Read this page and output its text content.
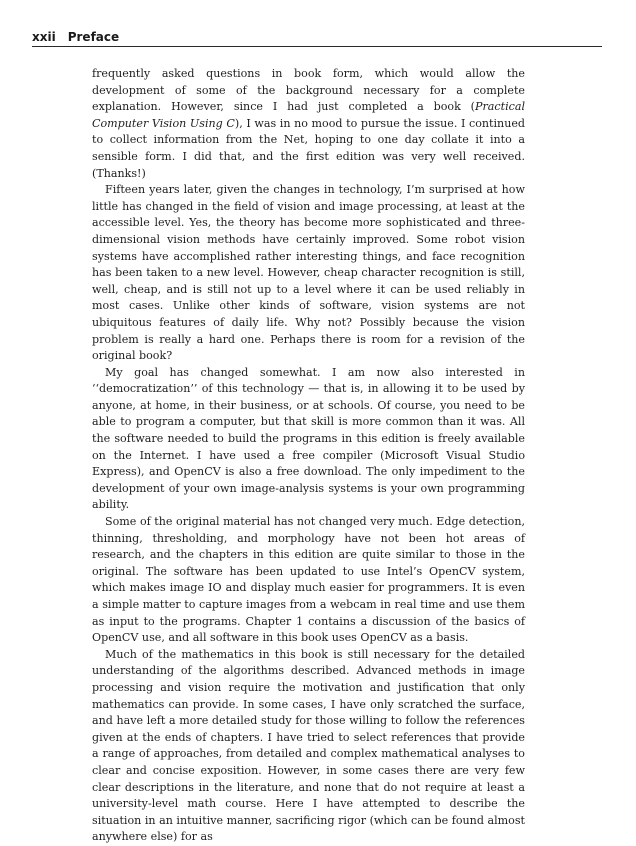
xxii Preface

frequently asked questions in book form, which would allow the development of some of the background necessary for a complete explanation. However, since I had just completed a book (Practical Computer Vision Using C), I was in no mood to pursue the issue. I continued to collect information from the Net, hoping to one day collate it into a sensible form. I did that, and the first edition was very well received. (Thanks!)

Fifteen years later, given the changes in technology, I’m surprised at how little has changed in the field of vision and image processing, at least at the accessible level. Yes, the theory has become more sophisticated and three-dimensional vision methods have certainly improved. Some robot vision systems have accomplished rather interesting things, and face recognition has been taken to a new level. However, cheap character recognition is still, well, cheap, and is still not up to a level where it can be used reliably in most cases. Unlike other kinds of software, vision systems are not ubiquitous features of daily life. Why not? Possibly because the vision problem is really a hard one. Perhaps there is room for a revision of the original book?

My goal has changed somewhat. I am now also interested in ‘‘democratization’’ of this technology — that is, in allowing it to be used by anyone, at home, in their business, or at schools. Of course, you need to be able to program a computer, but that skill is more common than it was. All the software needed to build the programs in this edition is freely available on the Internet. I have used a free compiler (Microsoft Visual Studio Express), and OpenCV is also a free download. The only impediment to the development of your own image-analysis systems is your own programming ability.

Some of the original material has not changed very much. Edge detection, thinning, thresholding, and morphology have not been hot areas of research, and the chapters in this edition are quite similar to those in the original. The software has been updated to use Intel’s OpenCV system, which makes image IO and display much easier for programmers. It is even a simple matter to capture images from a webcam in real time and use them as input to the programs. Chapter 1 contains a discussion of the basics of OpenCV use, and all software in this book uses OpenCV as a basis.

Much of the mathematics in this book is still necessary for the detailed understanding of the algorithms described. Advanced methods in image processing and vision require the motivation and justification that only mathematics can provide. In some cases, I have only scratched the surface, and have left a more detailed study for those willing to follow the references given at the ends of chapters. I have tried to select references that provide a range of approaches, from detailed and complex mathematical analyses to clear and concise exposition. However, in some cases there are very few clear descriptions in the literature, and none that do not require at least a university-level math course. Here I have attempted to describe the situation in an intuitive manner, sacrificing rigor (which can be found almost anywhere else) for as
